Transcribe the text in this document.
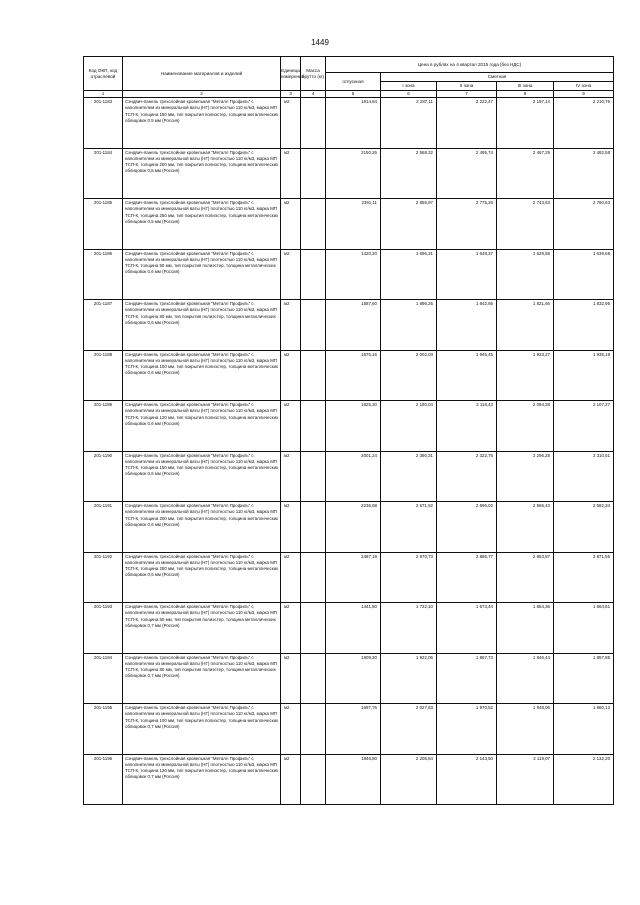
1449
Код ОКП, код отраслевой	Наименование материалов и изделий	Единица измерения	Масса брутто (кг)	Цена в рублях на 4 квартал 2015 года (без НДС)				
				отпускная	Сметная			
					I зона	II зона	III зона	IV зона
1	2	3	4	5	6	7	8	9
201-1183	Сэндвич-панель трехслойная кровельная "Металл Профиль" с наполнителем из минеральной ваты (НГ) плотностью 110 кг/м3, марка МП ТСП-К, толщина 150 мм, тип покрытия полиэстер, толщина металлических облицовок 0,5 мм (Россия)	м2		1914,84	2 287,11	2 222,47	2 197,14	2 210,76
201-1184	Сэндвич-панель трехслойная кровельная "Металл Профиль" с наполнителем из минеральной ваты (НГ) плотностью 110 кг/м3, марка МП ТСП-К, толщина 200 мм, тип покрытия полиэстер, толщина металлических облицовок 0,5 мм (Россия)	м2		2150,26	2 568,32	2 495,74	2 467,29	2 482,58
201-1185	Сэндвич-панель трехслойная кровельная "Металл Профиль" с наполнителем из минеральной ваты (НГ) плотностью 110 кг/м3, марка МП ТСП-К, толщина 250 мм, тип покрытия полиэстер, толщина металлических облицовок 0,5 мм (Россия)	м2		2391,11	2 855,97	2 775,26	2 743,63	2 760,63
201-1186	Сэндвич-панель трехслойная кровельная "Металл Профиль" с наполнителем из минеральной ваты (НГ) плотностью 110 кг/м3, марка МП ТСП-К, толщина 50 мм, тип покрытия полиэстер, толщина металлических облицовок 0,6 мм (Россия)	м2		1420,20	1 696,31	1 648,37	1 629,58	1 639,68
201-1187	Сэндвич-панель трехслойная кровельная "Металл Профиль" с наполнителем из минеральной ваты (НГ) плотностью 110 кг/м3, марка МП ТСП-К, толщина 80 мм, тип покрытия полиэстер, толщина металлических облицовок 0,6 мм (Россия)	м2		1587,60	1 896,25	1 842,66	1 821,66	1 832,95
201-1188	Сэндвич-панель трехслойная кровельная "Металл Профиль" с наполнителем из минеральной ваты (НГ) плотностью 110 кг/м3, марка МП ТСП-К, толщина 100 мм, тип покрытия полиэстер, толщина металлических облицовок 0,6 мм (Россия)	м2		1676,16	2 002,03	1 945,45	1 923,27	1 935,19
201-1189	Сэндвич-панель трехслойная кровельная "Металл Профиль" с наполнителем из минеральной ваты (НГ) плотностью 110 кг/м3, марка МП ТСП-К, толщина 120 мм, тип покрытия полиэстер, толщина металлических облицовок 0,6 мм (Россия)	м2		1825,20	2 180,04	2 118,43	2 094,28	2 107,27
201-1190	Сэндвич-панель трехслойная кровельная "Металл Профиль" с наполнителем из минеральной ваты (НГ) плотностью 110 кг/м3, марка МП ТСП-К, толщина 150 мм, тип покрытия полиэстер, толщина металлических облицовок 0,6 мм (Россия)	м2		2001,24	2 390,31	2 322,75	2 296,28	2 310,51
201-1191	Сэндвич-панель трехслойная кровельная "Металл Профиль" с наполнителем из минеральной ваты (НГ) плотностью 110 кг/м3, марка МП ТСП-К, толщина 200 мм, тип покрытия полиэстер, толщина металлических облицовок 0,6 мм (Россия)	м2		2236,68	2 671,52	2 596,02	2 566,43	2 582,34
201-1192	Сэндвич-панель трехслойная кровельная "Металл Профиль" с наполнителем из минеральной ваты (НГ) плотностью 110 кг/м3, марка МП ТСП-К, толщина 250 мм, тип покрытия полиэстер, толщина металлических облицовок 0,6 мм (Россия)	м2		2487,19	2 970,73	2 886,77	2 853,87	2 871,56
201-1193	Сэндвич-панель трехслойная кровельная "Металл Профиль" с наполнителем из минеральной ваты (НГ) плотностью 110 кг/м3, марка МП ТСП-К, толщина 50 мм, тип покрытия полиэстер, толщина металлических облицовок 0,7 мм (Россия)	м2		1441,80	1 722,10	1 673,44	1 654,36	1 664,61
201-1194	Сэндвич-панель трехслойная кровельная "Металл Профиль" с наполнителем из минеральной ваты (НГ) плотностью 110 кг/м3, марка МП ТСП-К, толщина 80 мм, тип покрытия полиэстер, толщина металлических облицовок 0,7 мм (Россия)	м2		1609,20	1 922,05	1 867,73	1 846,44	1 857,85
201-1195	Сэндвич-панель трехслойная кровельная "Металл Профиль" с наполнителем из минеральной ваты (НГ) плотностью 110 кг/м3, марка МП ТСП-К, толщина 100 мм, тип покрытия полиэстер, толщина металлических облицовок 0,7 мм (Россия)	м2		1697,76	2 027,83	1 970,52	1 948,06	1 960,13
201-1196	Сэндвич-панель трехслойная кровельная "Металл Профиль" с наполнителем из минеральной ваты (НГ) плотностью 110 кг/м3, марка МП ТСП-К, толщина 120 мм, тип покрытия полиэстер, толщина металлических облицовок 0,7 мм (Россия)	м2		1846,80	2 205,84	2 143,50	2 119,07	2 132,20
